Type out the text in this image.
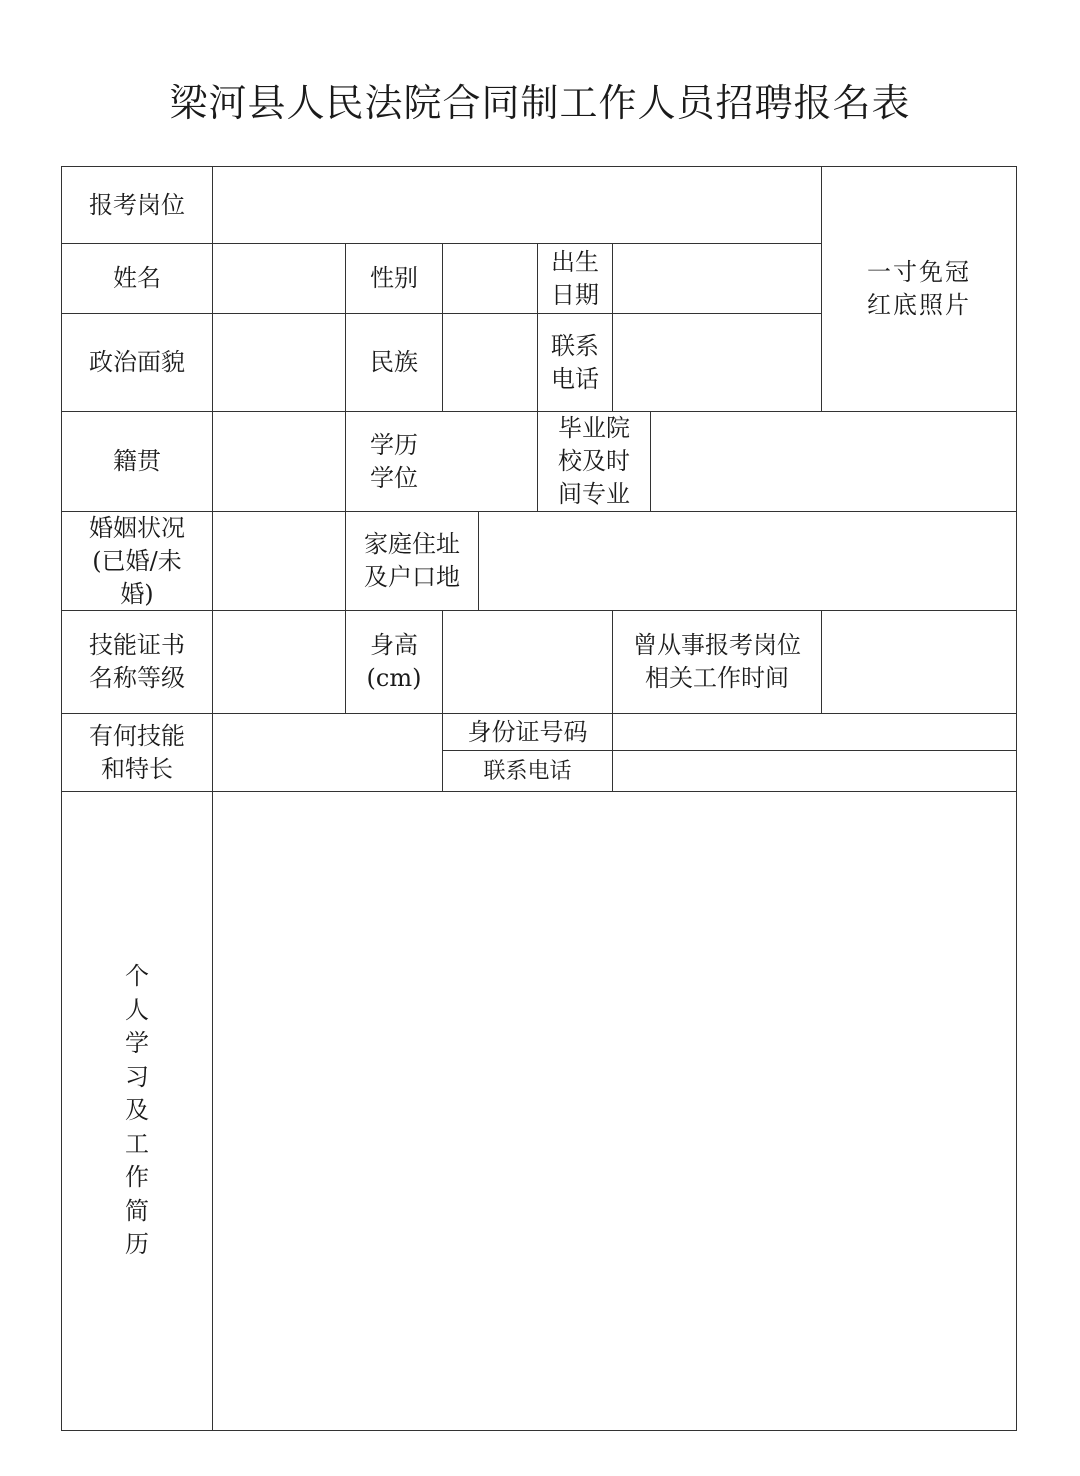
梁河县人民法院合同制工作人员招聘报名表
报考岗位
一寸免冠
红底照片
姓名	性别
出生
日期
政治面貌	民族
联系
电话
籍贯
学历
学位
毕业院
校及时
间专业
婚姻状况
(已婚/未
婚)
家庭住址
及户口地
技能证书
名称等级
身高
(cm)
曾从事报考岗位
相关工作时间
有何技能
和特长
身份证号码
联系电话
个
人
学
习
及
工
作
简
历
